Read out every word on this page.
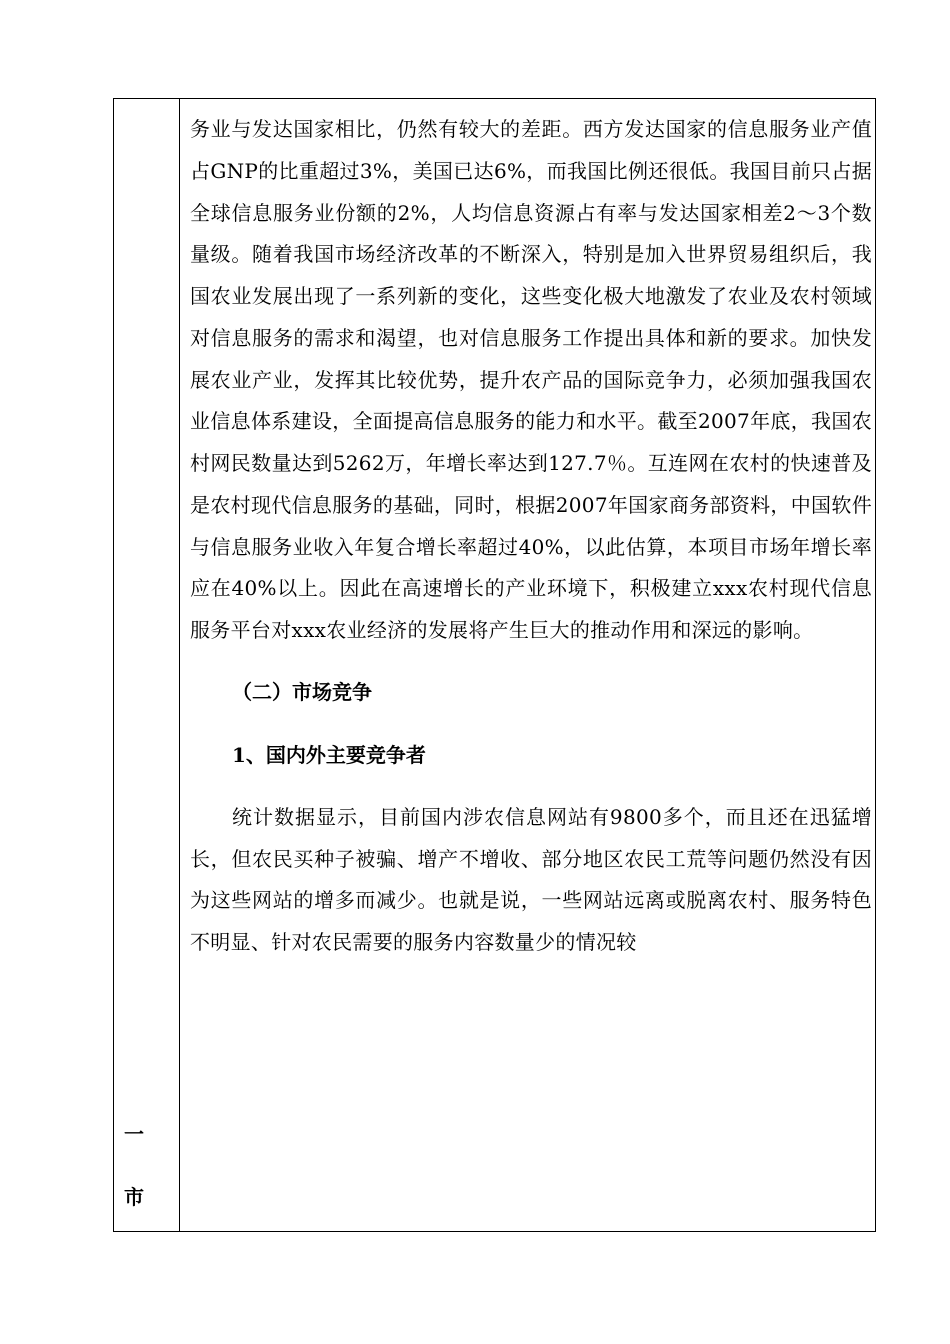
一
市

务业与发达国家相比，仍然有较大的差距。西方发达国家的信息服务业产值占GNP的比重超过3%，美国已达6%，而我国比例还很低。我国目前只占据全球信息服务业份额的2%，人均信息资源占有率与发达国家相差2～3个数量级。随着我国市场经济改革的不断深入，特别是加入世界贸易组织后，我国农业发展出现了一系列新的变化，这些变化极大地激发了农业及农村领域对信息服务的需求和渴望，也对信息服务工作提出具体和新的要求。加快发展农业产业，发挥其比较优势，提升农产品的国际竞争力，必须加强我国农业信息体系建设，全面提高信息服务的能力和水平。截至2007年底，我国农村网民数量达到5262万，年增长率达到127.7％。互连网在农村的快速普及是农村现代信息服务的基础，同时，根据2007年国家商务部资料，中国软件与信息服务业收入年复合增长率超过40%，以此估算，本项目市场年增长率应在40%以上。因此在高速增长的产业环境下，积极建立xxx农村现代信息服务平台对xxx农业经济的发展将产生巨大的推动作用和深远的影响。

（二）市场竞争

1、国内外主要竞争者

统计数据显示，目前国内涉农信息网站有9800多个，而且还在迅猛增长，但农民买种子被骗、增产不增收、部分地区农民工荒等问题仍然没有因为这些网站的增多而减少。也就是说，一些网站远离或脱离农村、服务特色不明显、针对农民需要的服务内容数量少的情况较
